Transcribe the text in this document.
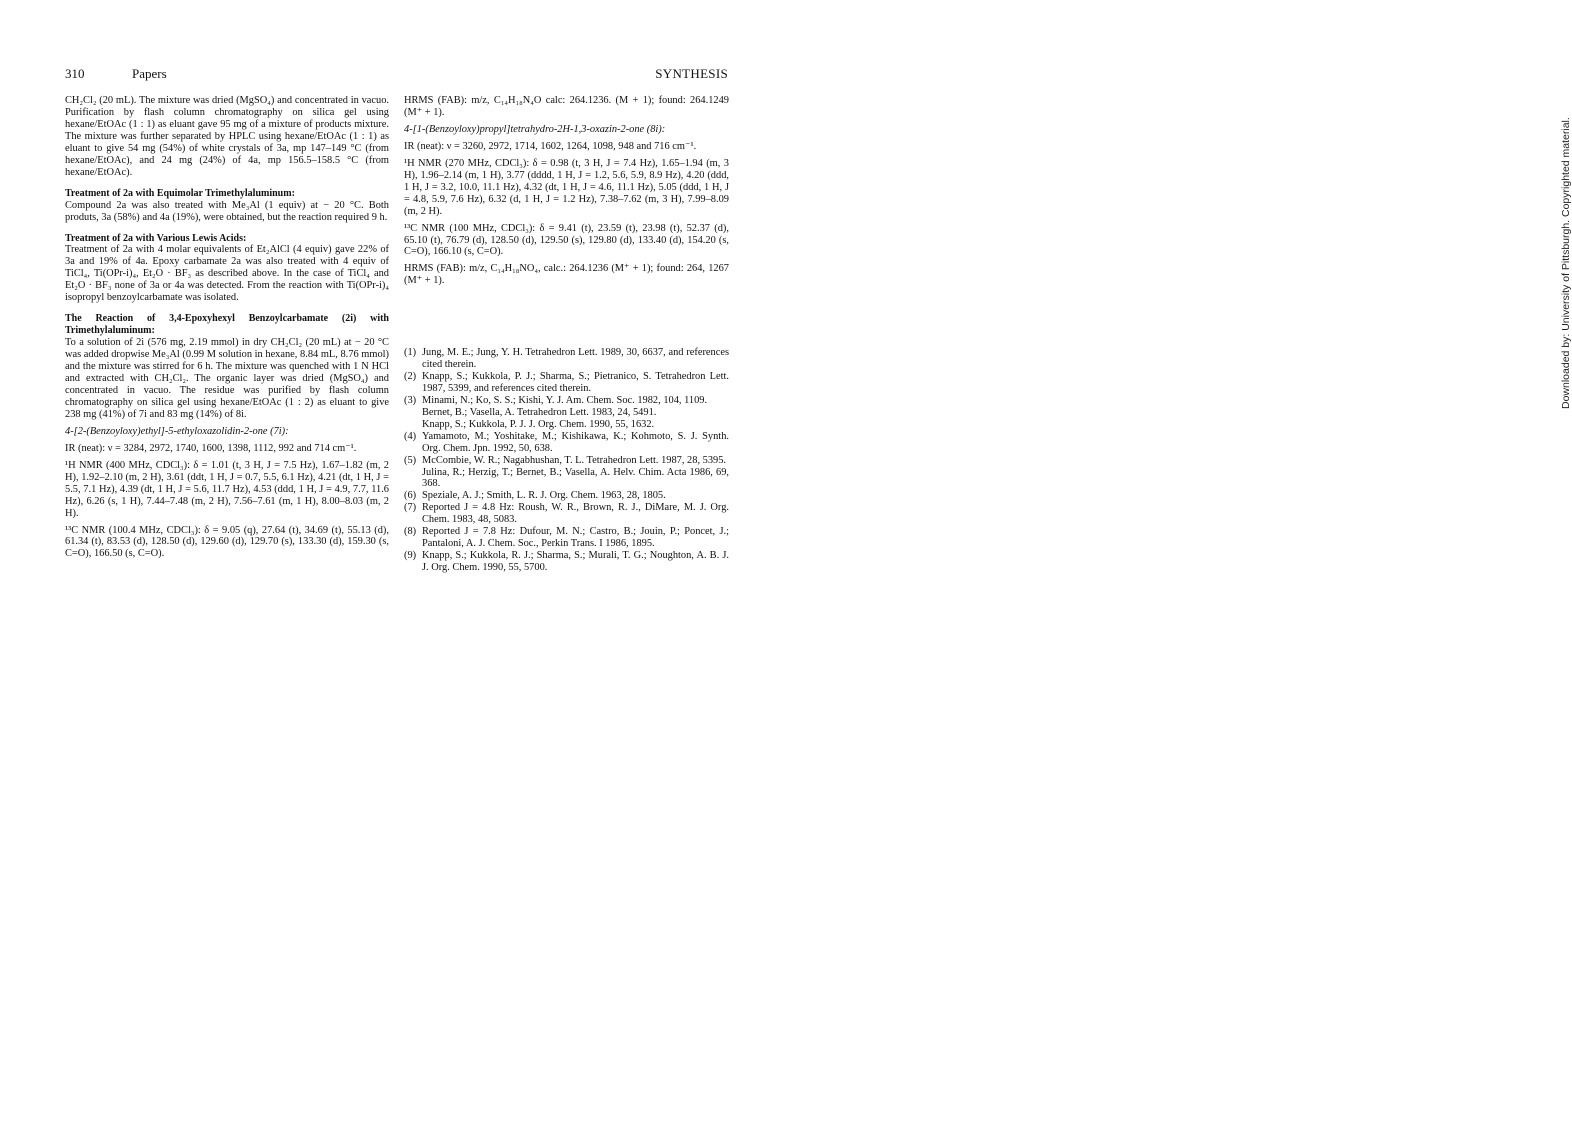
310	Papers	SYNTHESIS

CH₂Cl₂ (20 mL). The mixture was dried (MgSO₄) and concentrated in vacuo. Purification by flash column chromatography on silica gel using hexane/EtOAc (1 : 1) as eluant gave 95 mg of a mixture of products mixture. The mixture was further separated by HPLC using hexane/EtOAc (1 : 1) as eluant to give 54 mg (54%) of white crystals of 3a, mp 147–149 °C (from hexane/EtOAc), and 24 mg (24%) of 4a, mp 156.5–158.5 °C (from hexane/EtOAc).

Treatment of 2a with Equimolar Trimethylaluminum:

Compound 2a was also treated with Me₃Al (1 equiv) at − 20 °C. Both produts, 3a (58%) and 4a (19%), were obtained, but the reaction required 9 h.

Treatment of 2a with Various Lewis Acids:

Treatment of 2a with 4 molar equivalents of Et₂AlCl (4 equiv) gave 22% of 3a and 19% of 4a. Epoxy carbamate 2a was also treated with 4 equiv of TiCl₄, Ti(OPr-i)₄, Et₂O · BF₃ as described above. In the case of TiCl₄ and Et₂O · BF₃ none of 3a or 4a was detected. From the reaction with Ti(OPr-i)₄ isopropyl benzoylcarbamate was isolated.

The Reaction of 3,4-Epoxyhexyl Benzoylcarbamate (2i) with Trimethylaluminum:

To a solution of 2i (576 mg, 2.19 mmol) in dry CH₂Cl₂ (20 mL) at − 20 °C was added dropwise Me₃Al (0.99 M solution in hexane, 8.84 mL, 8.76 mmol) and the mixture was stirred for 6 h. The mixture was quenched with 1 N HCl and extracted with CH₂Cl₂. The organic layer was dried (MgSO₄) and concentrated in vacuo. The residue was purified by flash column chromatography on silica gel using hexane/EtOAc (1 : 2) as eluant to give 238 mg (41%) of 7i and 83 mg (14%) of 8i.

4-[2-(Benzoyloxy)ethyl]-5-ethyloxazolidin-2-one (7i):

IR (neat): ν = 3284, 2972, 1740, 1600, 1398, 1112, 992 and 714 cm⁻¹.

¹H NMR (400 MHz, CDCl₃): δ = 1.01 (t, 3 H, J = 7.5 Hz), 1.67–1.82 (m, 2 H), 1.92–2.10 (m, 2 H), 3.61 (ddt, 1 H, J = 0.7, 5.5, 6.1 Hz), 4.21 (dt, 1 H, J = 5.5, 7.1 Hz), 4.39 (dt, 1 H, J = 5.6, 11.7 Hz), 4.53 (ddd, 1 H, J = 4.9, 7.7, 11.6 Hz), 6.26 (s, 1 H), 7.44–7.48 (m, 2 H), 7.56–7.61 (m, 1 H), 8.00–8.03 (m, 2 H).

¹³C NMR (100.4 MHz, CDCl₃): δ = 9.05 (q), 27.64 (t), 34.69 (t), 55.13 (d), 61.34 (t), 83.53 (d), 128.50 (d), 129.60 (d), 129.70 (s), 133.30 (d), 159.30 (s, C=O), 166.50 (s, C=O).

HRMS (FAB): m/z, C₁₄H₁₈N₄O calc: 264.1236. (M + 1); found: 264.1249 (M⁺ + 1).

4-[1-(Benzoyloxy)propyl]tetrahydro-2H-1,3-oxazin-2-one (8i):

IR (neat): ν = 3260, 2972, 1714, 1602, 1264, 1098, 948 and 716 cm⁻¹.

¹H NMR (270 MHz, CDCl₃): δ = 0.98 (t, 3 H, J = 7.4 Hz), 1.65–1.94 (m, 3 H), 1.96–2.14 (m, 1 H), 3.77 (dddd, 1 H, J = 1.2, 5.6, 5.9, 8.9 Hz), 4.20 (ddd, 1 H, J = 3.2, 10.0, 11.1 Hz), 4.32 (dt, 1 H, J = 4.6, 11.1 Hz), 5.05 (ddd, 1 H, J = 4.8, 5.9, 7.6 Hz), 6.32 (d, 1 H, J = 1.2 Hz), 7.38–7.62 (m, 3 H), 7.99–8.09 (m, 2 H).

¹³C NMR (100 MHz, CDCl₃): δ = 9.41 (t), 23.59 (t), 23.98 (t), 52.37 (d), 65.10 (t), 76.79 (d), 128.50 (d), 129.50 (s), 129.80 (d), 133.40 (d), 154.20 (s, C=O), 166.10 (s, C=O).

HRMS (FAB): m/z, C₁₄H₁₈NO₄, calc.: 264.1236 (M⁺ + 1); found: 264, 1267 (M⁺ + 1).

(1) Jung, M. E.; Jung, Y. H. Tetrahedron Lett. 1989, 30, 6637, and references cited therein.
(2) Knapp, S.; Kukkola, P. J.; Sharma, S.; Pietranico, S. Tetrahedron Lett. 1987, 5399, and references cited therein.
(3) Minami, N.; Ko, S. S.; Kishi, Y. J. Am. Chem. Soc. 1982, 104, 1109.

Bernet, B.; Vasella, A. Tetrahedron Lett. 1983, 24, 5491.

Knapp, S.; Kukkola, P. J. J. Org. Chem. 1990, 55, 1632.

(4) Yamamoto, M.; Yoshitake, M.; Kishikawa, K.; Kohmoto, S. J. Synth. Org. Chem. Jpn. 1992, 50, 638.
(5) McCombie, W. R.; Nagabhushan, T. L. Tetrahedron Lett. 1987, 28, 5395.

Julina, R.; Herzig, T.; Bernet, B.; Vasella, A. Helv. Chim. Acta 1986, 69, 368.

(6) Speziale, A. J.; Smith, L. R. J. Org. Chem. 1963, 28, 1805.
(7) Reported J = 4.8 Hz: Roush, W. R., Brown, R. J., DiMare, M. J. Org. Chem. 1983, 48, 5083.
(8) Reported J = 7.8 Hz: Dufour, M. N.; Castro, B.; Jouin, P.; Poncet, J.; Pantaloni, A. J. Chem. Soc., Perkin Trans. I 1986, 1895.
(9) Knapp, S.; Kukkola, R. J.; Sharma, S.; Murali, T. G.; Noughton, A. B. J. J. Org. Chem. 1990, 55, 5700.
Downloaded by: University of Pittsburgh. Copyrighted material.
